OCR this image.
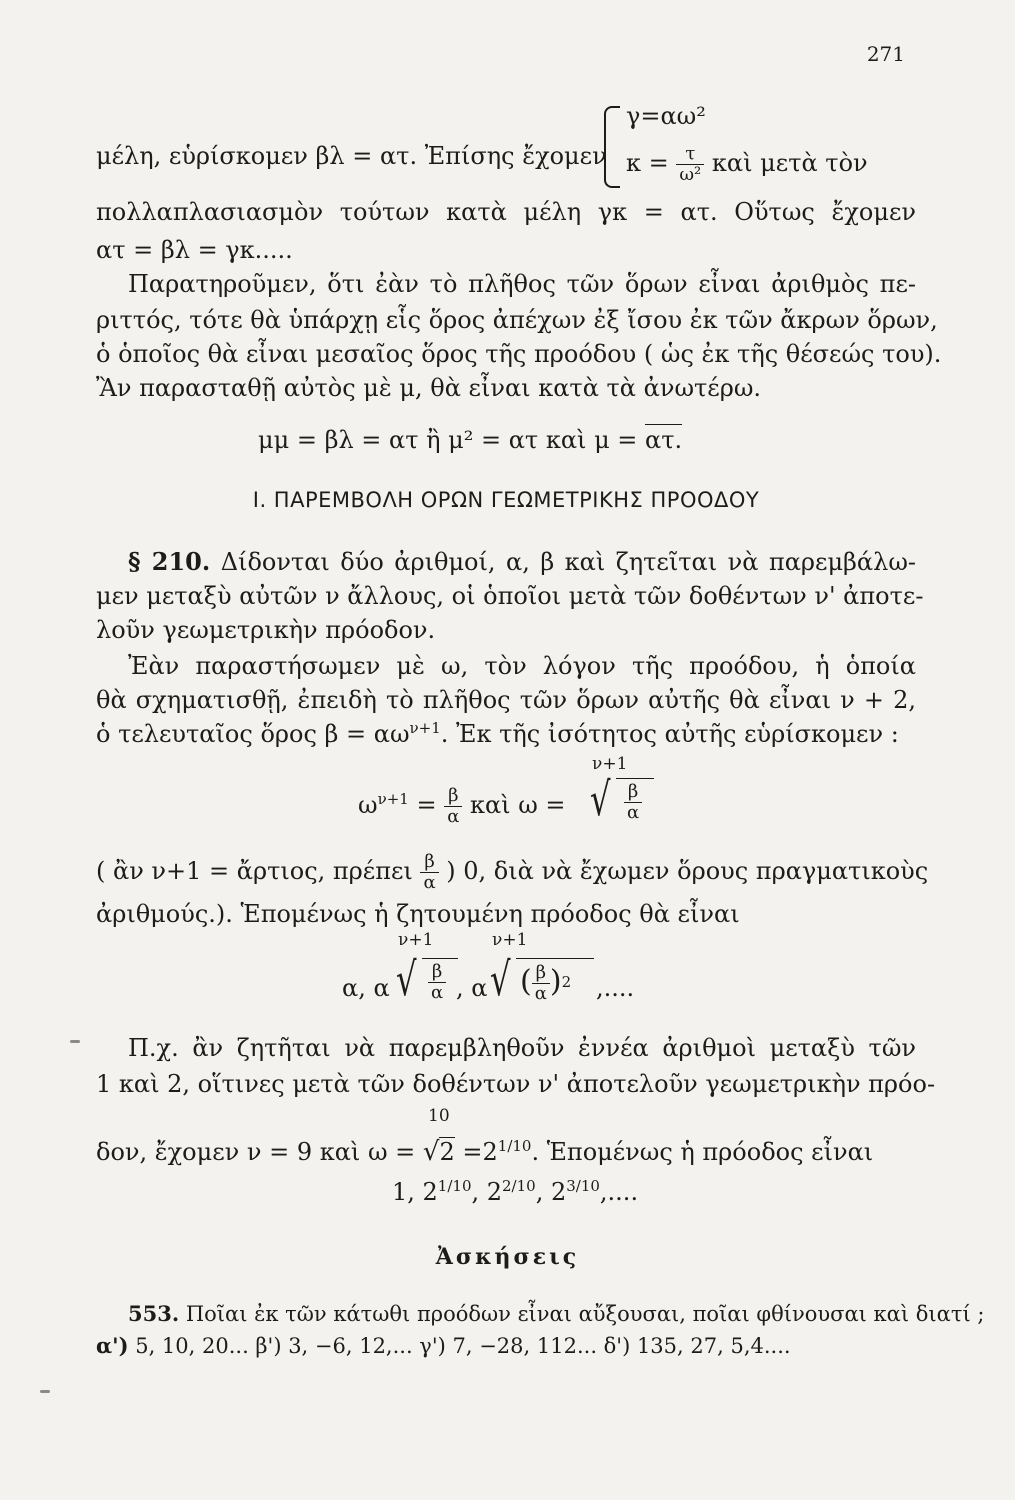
271
γ=αω²
$\kappa = \frac{\tau}{\text{ω²}}$ καὶ μετὰ τὸν
μέλη, εὑρίσκομεν βλ = ατ. Ἐπίσης ἔχομεν
πολλαπλασιασμὸν τούτων κατὰ μέλη γκ = ατ. Οὕτως ἔχομεν
ατ = βλ = γκ.....
Παρατηροῦμεν, ὅτι ἐὰν τὸ πλῆθος τῶν ὅρων εἶναι ἀριθμὸς πε-
ριττός, τότε θὰ ὑπάρχῃ εἷς ὅρος ἀπέχων ἐξ ἴσου ἐκ τῶν ἄκρων ὅρων,
ὁ ὁποῖος θὰ εἶναι μεσαῖος ὅρος τῆς προόδου ( ὡς ἐκ τῆς θέσεώς του).
Ἂν παρασταθῇ αὐτὸς μὲ μ, θὰ εἶναι κατὰ τὰ ἀνωτέρω.
μμ = βλ = ατ ἢ μ² = ατ καὶ μ = ατ.
I. ΠΑΡΕΜΒΟΛΗ ΟΡΩΝ ΓΕΩΜΕΤΡΙΚΗΣ ΠΡΟΟΔΟΥ
§ 210. Δίδονται δύο ἀριθμοί, α, β καὶ ζητεῖται νὰ παρεμβάλω-
μεν μεταξὺ αὐτῶν ν ἄλλους, οἱ ὁποῖοι μετὰ τῶν δοθέντων ν' ἀποτε-
λοῦν γεωμετρικὴν πρόοδον.
Ἐὰν παραστήσωμεν μὲ ω, τὸν λόγον τῆς προόδου, ἡ ὁποία
θὰ σχηματισθῇ, ἐπειδὴ τὸ πλῆθος τῶν ὅρων αὐτῆς θὰ εἶναι ν + 2,
ὁ τελευταῖος ὅρος $\beta = \alpha\omega^{\nu+1}$. Ἐκ τῆς ἰσότητος αὐτῆς εὑρίσκομεν :
$\omega^{\nu+1} = \frac{\beta}{\alpha}$ καὶ ω =
ν+1
√ $\frac{\beta}{\alpha}$
( ἂν ν+1 = ἄρτιος, πρέπει $\frac{\beta}{\alpha}$ ) 0, διὰ νὰ ἔχωμεν ὅρους πραγματικοὺς
ἀριθμούς.). Ἑπομένως ἡ ζητουμένη πρόοδος θὰ εἶναι
ν+1	ν+1
α, α √ $\frac{\beta}{\alpha}$ , α √ ( $\frac{\beta}{\alpha} )^2$ ,....
Π.χ. ἂν ζητῆται νὰ παρεμβληθοῦν ἐννέα ἀριθμοὶ μεταξὺ τῶν
1 καὶ 2, οἵτινες μετὰ τῶν δοθέντων ν' ἀποτελοῦν γεωμετρικὴν πρόο-
10
δον, ἔχομεν ν = 9 καὶ $\omega = √2 =2^{1/10}$. Ἑπομένως ἡ πρόοδος εἶναι
1, $2^{1/10}$, $2^{2/10}$, $2^{3/10}$,....
Ἀσκήσεις
553. Ποῖαι ἐκ τῶν κάτωθι προόδων εἶναι αὔξουσαι, ποῖαι φθίνουσαι καὶ διατί ;
α') 5, 10, 20... β') 3, −6, 12,... γ') 7, −28, 112... δ') 135, 27, 5,4....
